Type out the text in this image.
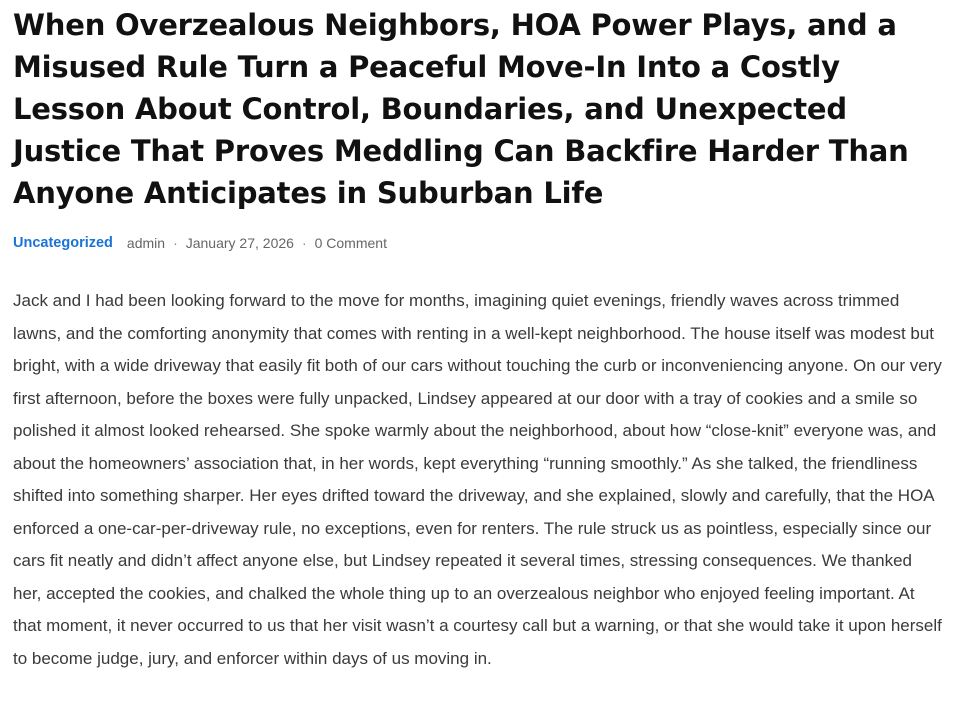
When Overzealous Neighbors, HOA Power Plays, and a Misused Rule Turn a Peaceful Move-In Into a Costly Lesson About Control, Boundaries, and Unexpected Justice That Proves Meddling Can Backfire Harder Than Anyone Anticipates in Suburban Life
Uncategorized admin · January 27, 2026 · 0 Comment
Jack and I had been looking forward to the move for months, imagining quiet evenings, friendly waves across trimmed lawns, and the comforting anonymity that comes with renting in a well-kept neighborhood. The house itself was modest but bright, with a wide driveway that easily fit both of our cars without touching the curb or inconveniencing anyone. On our very first afternoon, before the boxes were fully unpacked, Lindsey appeared at our door with a tray of cookies and a smile so polished it almost looked rehearsed. She spoke warmly about the neighborhood, about how “close-knit” everyone was, and about the homeowners’ association that, in her words, kept everything “running smoothly.” As she talked, the friendliness shifted into something sharper. Her eyes drifted toward the driveway, and she explained, slowly and carefully, that the HOA enforced a one-car-per-driveway rule, no exceptions, even for renters. The rule struck us as pointless, especially since our cars fit neatly and didn’t affect anyone else, but Lindsey repeated it several times, stressing consequences. We thanked her, accepted the cookies, and chalked the whole thing up to an overzealous neighbor who enjoyed feeling important. At that moment, it never occurred to us that her visit wasn’t a courtesy call but a warning, or that she would take it upon herself to become judge, jury, and enforcer within days of us moving in.
